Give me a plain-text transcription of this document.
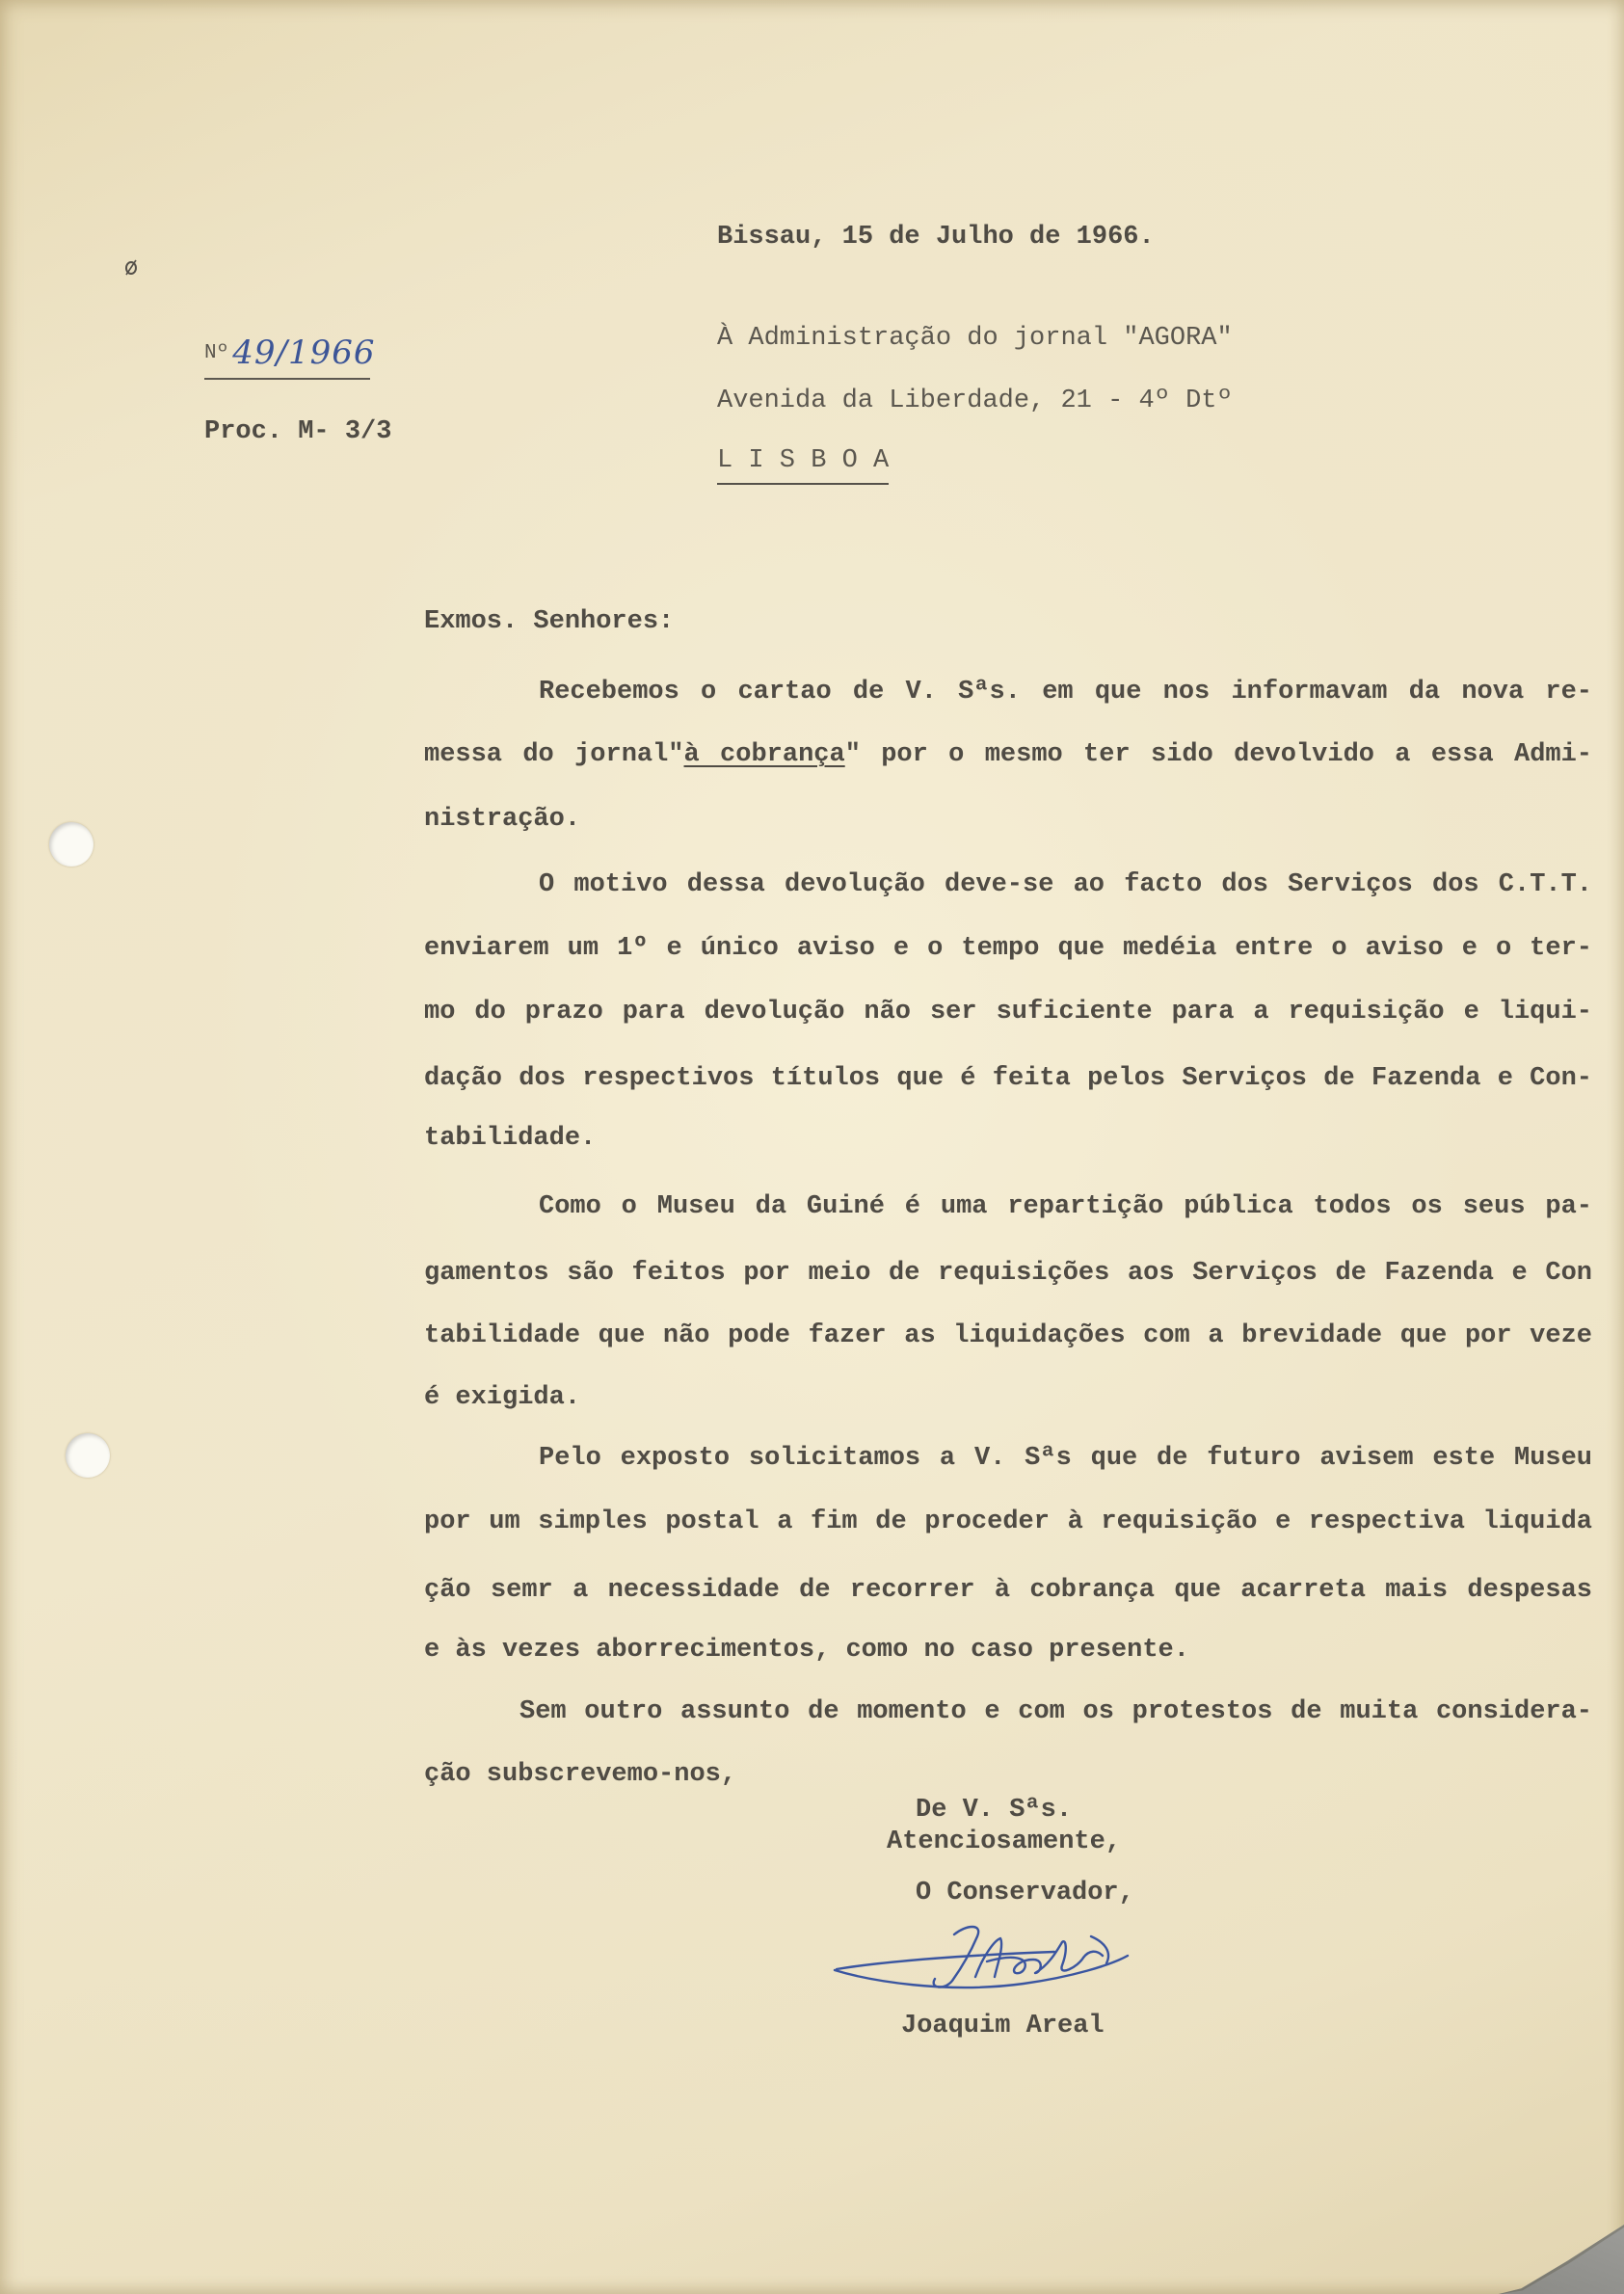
Nº 49/1966
Proc. M- 3/3
Bissau, 15 de Julho de 1966.
À Administração do jornal "AGORA"
Avenida da Liberdade, 21 - 4º Dtº
L I S B O A
Exmos. Senhores:
Recebemos o cartao de V. Sªs. em que nos informavam da nova re-
messa do jornal"à cobrança" por o mesmo ter sido devolvido a essa Admi-
nistração.
O motivo dessa devolução deve-se ao facto dos Serviços dos C.T.T.
enviarem um 1º e único aviso e o tempo que medéia entre o aviso e o ter-
mo do prazo para devolução não ser suficiente para a requisição e liqui-
dação dos respectivos títulos que é feita pelos Serviços de Fazenda e Con-
tabilidade.
Como o Museu da Guiné é uma repartição pública todos os seus pa-
gamentos são feitos por meio de requisições aos Serviços de Fazenda e Con
tabilidade que não pode fazer as liquidações com a brevidade que por veze
é exigida.
Pelo exposto solicitamos a V. Sªs que de futuro avisem este Museu
por um simples postal a fim de proceder à requisição e respectiva liquida
ção semr a necessidade de recorrer à cobrança que acarreta mais despesas
e às vezes aborrecimentos, como no caso presente.
Sem outro assunto de momento e com os protestos de muita considera-
ção subscrevemo-nos,
De V. Sªs.
Atenciosamente,
O Conservador,
Joaquim Areal
